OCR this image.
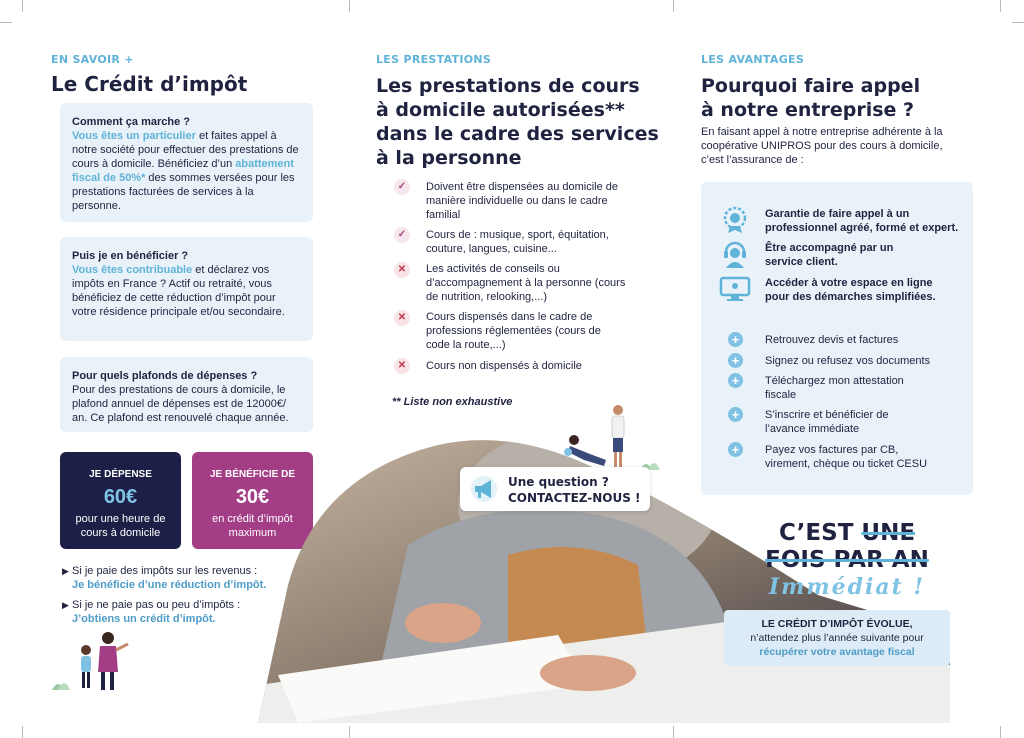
EN SAVOIR +
Le Crédit d’impôt
Comment ça marche ?
Vous êtes un particulier et faites appel à notre société pour effectuer des prestations de cours à domicile. Bénéficiez d’un abattement fiscal de 50%* des sommes versées pour les prestations facturées de services à la personne.
Puis je en bénéficier ?
Vous êtes contribuable et déclarez vos impôts en France ? Actif ou retraité, vous bénéficiez de cette réduction d’impôt pour votre résidence principale et/ou secondaire.
Pour quels plafonds de dépenses ?
Pour des prestations de cours à domicile, le plafond annuel de dépenses est de 12000€/ an. Ce plafond est renouvelé chaque année.
JE DÉPENSE
60€
pour une heure de cours à domicile
JE BÉNÉFICIE DE
30€
en crédit d’impôt maximum
▶ Si je paie des impôts sur les revenus :
Je bénéficie d’une réduction d’impôt.
▶ Si je ne paie pas ou peu d’impôts :
J’obtiens un crédit d’impôt.
LES PRESTATIONS
Les prestations de cours
à domicile autorisées**
dans le cadre des services
à la personne
✓	Doivent être dispensées au domicile de manière individuelle ou dans le cadre familial
✓	Cours de : musique, sport, équitation, couture, langues, cuisine...
✕	Les activités de conseils ou d’accompagnement à la personne (cours de nutrition, relooking,...)
✕	Cours dispensés dans le cadre de professions réglementées (cours de code la route,...)
✕	Cours non dispensés à domicile
** Liste non exhaustive
Une question ?
CONTACTEZ-NOUS !
LES AVANTAGES
Pourquoi faire appel
à notre entreprise ?
En faisant appel à notre entreprise adhérente à la coopérative UNIPROS pour des cours à domicile, c’est l’assurance de :
Garantie de faire appel à un professionnel agréé, formé et expert.
Être accompagné par un service client.
Accéder à votre espace en ligne pour des démarches simplifiées.
+	Retrouvez devis et factures
+	Signez ou refusez vos documents
+	Téléchargez mon attestation fiscale
+	S’inscrire et bénéficier de l’avance immédiate
+	Payez vos factures par CB, virement, chèque ou ticket CESU
C’EST UNE
FOIS PAR AN
Immédiat !
LE CRÉDIT D’IMPÔT ÉVOLUE,
n’attendez plus l’année suivante pour
récupérer votre avantage fiscal
